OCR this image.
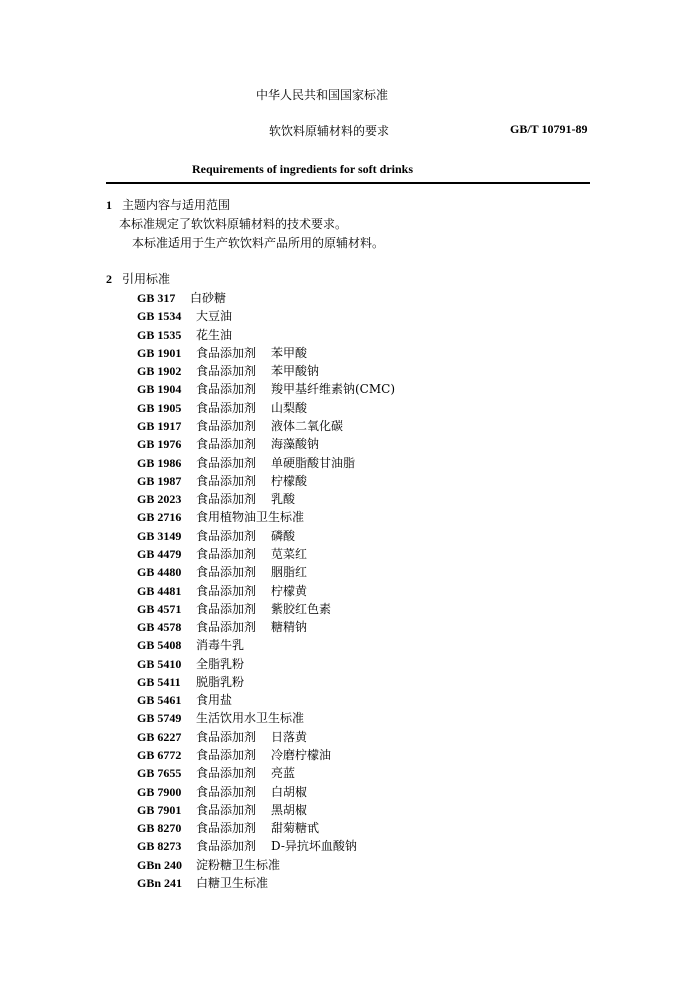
中华人民共和国国家标准
软饮料原辅材料的要求	GB/T 10791-89
Requirements of ingredients for soft drinks
1 主题内容与适用范围
本标准规定了软饮料原辅材料的技术要求。
本标准适用于生产软饮料产品所用的原辅材料。
2 引用标准
GB 317 白砂糖
GB 1534 大豆油
GB 1535 花生油
GB 1901 食品添加剂 苯甲酸
GB 1902 食品添加剂 苯甲酸钠
GB 1904 食品添加剂 羧甲基纤维素钠(CMC)
GB 1905 食品添加剂 山梨酸
GB 1917 食品添加剂 液体二氧化碳
GB 1976 食品添加剂 海藻酸钠
GB 1986 食品添加剂 单硬脂酸甘油脂
GB 1987 食品添加剂 柠檬酸
GB 2023 食品添加剂 乳酸
GB 2716 食用植物油卫生标准
GB 3149 食品添加剂 磷酸
GB 4479 食品添加剂 苋菜红
GB 4480 食品添加剂 胭脂红
GB 4481 食品添加剂 柠檬黄
GB 4571 食品添加剂 紫胶红色素
GB 4578 食品添加剂 糖精钠
GB 5408 消毒牛乳
GB 5410 全脂乳粉
GB 5411 脱脂乳粉
GB 5461 食用盐
GB 5749 生活饮用水卫生标准
GB 6227 食品添加剂 日落黄
GB 6772 食品添加剂 冷磨柠檬油
GB 7655 食品添加剂 亮蓝
GB 7900 食品添加剂 白胡椒
GB 7901 食品添加剂 黑胡椒
GB 8270 食品添加剂 甜菊糖甙
GB 8273 食品添加剂 D-异抗坏血酸钠
GBn 240 淀粉糖卫生标准
GBn 241 白糖卫生标准
